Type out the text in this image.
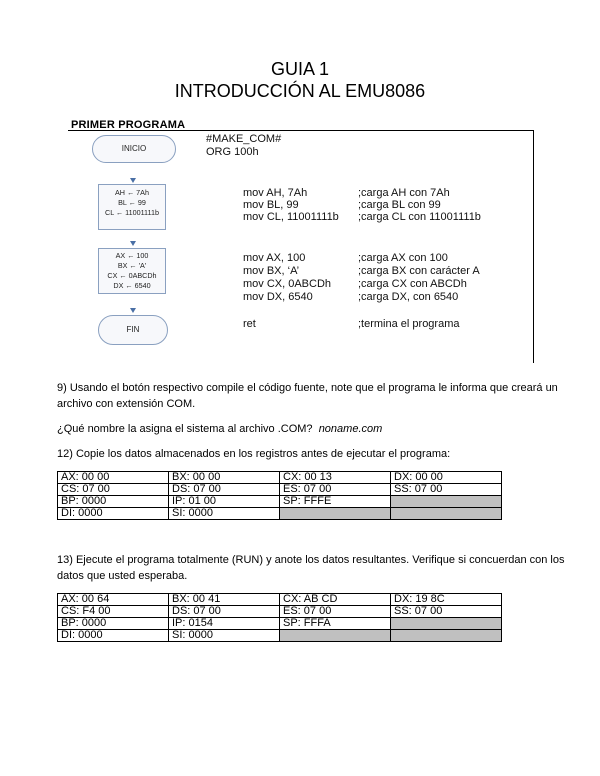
GUIA 1
INTRODUCCIÓN AL EMU8086
PRIMER PROGRAMA
INICIO
AH ← 7Ah
BL ← 99
CL ← 11001111b
AX ← 100
BX ← 'A'
CX ← 0ABCDh
DX ← 6540
FIN
#MAKE_COM#
ORG 100h
mov AH, 7Ah	;carga AH con 7Ah
mov BL, 99	;carga BL con 99
mov CL, 11001111b ;carga CL con 11001111b
mov AX, 100	;carga AX con 100
mov BX, ‘A’	;carga BX con carácter A
mov CX, 0ABCDh ;carga CX con ABCDh
mov DX, 6540	;carga DX, con 6540
ret	;termina el programa
9) Usando el botón respectivo compile el código fuente, note que el programa le informa que creará un archivo con extensión COM.
¿Qué nombre la asigna el sistema al archivo .COM? noname.com
12) Copie los datos almacenados en los registros antes de ejecutar el programa:
AX: 00 00	BX: 00 00	CX: 00 13	DX: 00 00
CS: 07 00	DS: 07 00	ES: 07 00	SS: 07 00
BP: 0000	IP: 01 00	SP: FFFE	
DI: 0000	SI: 0000		
13) Ejecute el programa totalmente (RUN) y anote los datos resultantes. Verifique si concuerdan con los datos que usted esperaba.
AX: 00 64	BX: 00 41	CX: AB CD	DX: 19 8C
CS: F4 00	DS: 07 00	ES: 07 00	SS: 07 00
BP: 0000	IP: 0154	SP: FFFA	
DI: 0000	SI: 0000		
